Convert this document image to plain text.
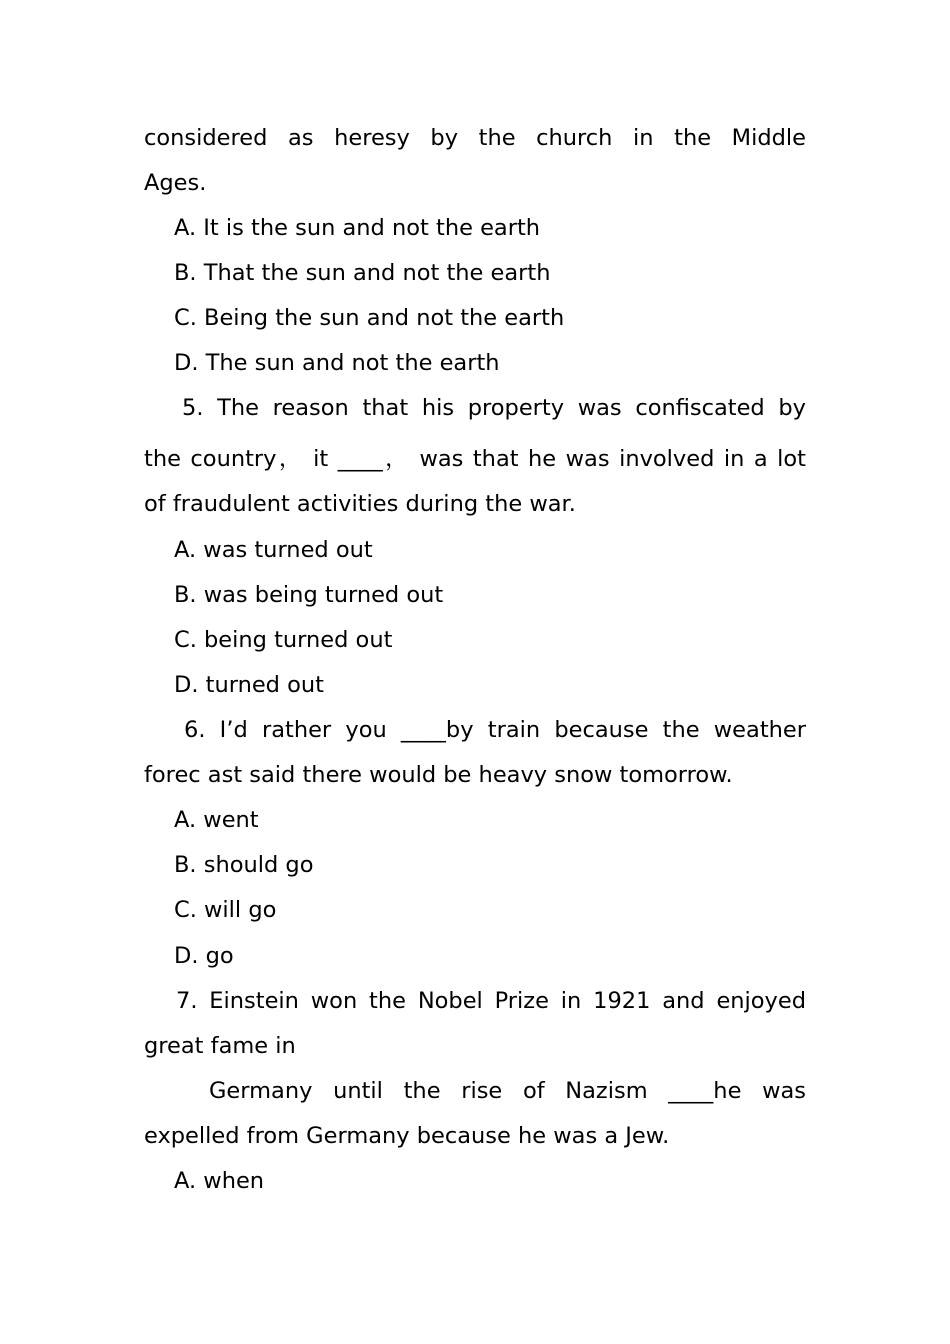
considered as heresy by the church in the Middle
Ages.
A. It is the sun and not the earth
B. That the sun and not the earth
C. Being the sun and not the earth
D. The sun and not the earth
5. The reason that his property was confiscated by
the country， it ____， was that he was involved in a lot
of fraudulent activities during the war.
A. was turned out
B. was being turned out
C. being turned out
D. turned out
6. I’d rather you ____by train because the weather
forec ast said there would be heavy snow tomorrow.
A. went
B. should go
C. will go
D. go
7. Einstein won the Nobel Prize in 1921 and enjoyed
great fame in
Germany until the rise of Nazism ____he was
expelled from Germany because he was a Jew.
A. when
